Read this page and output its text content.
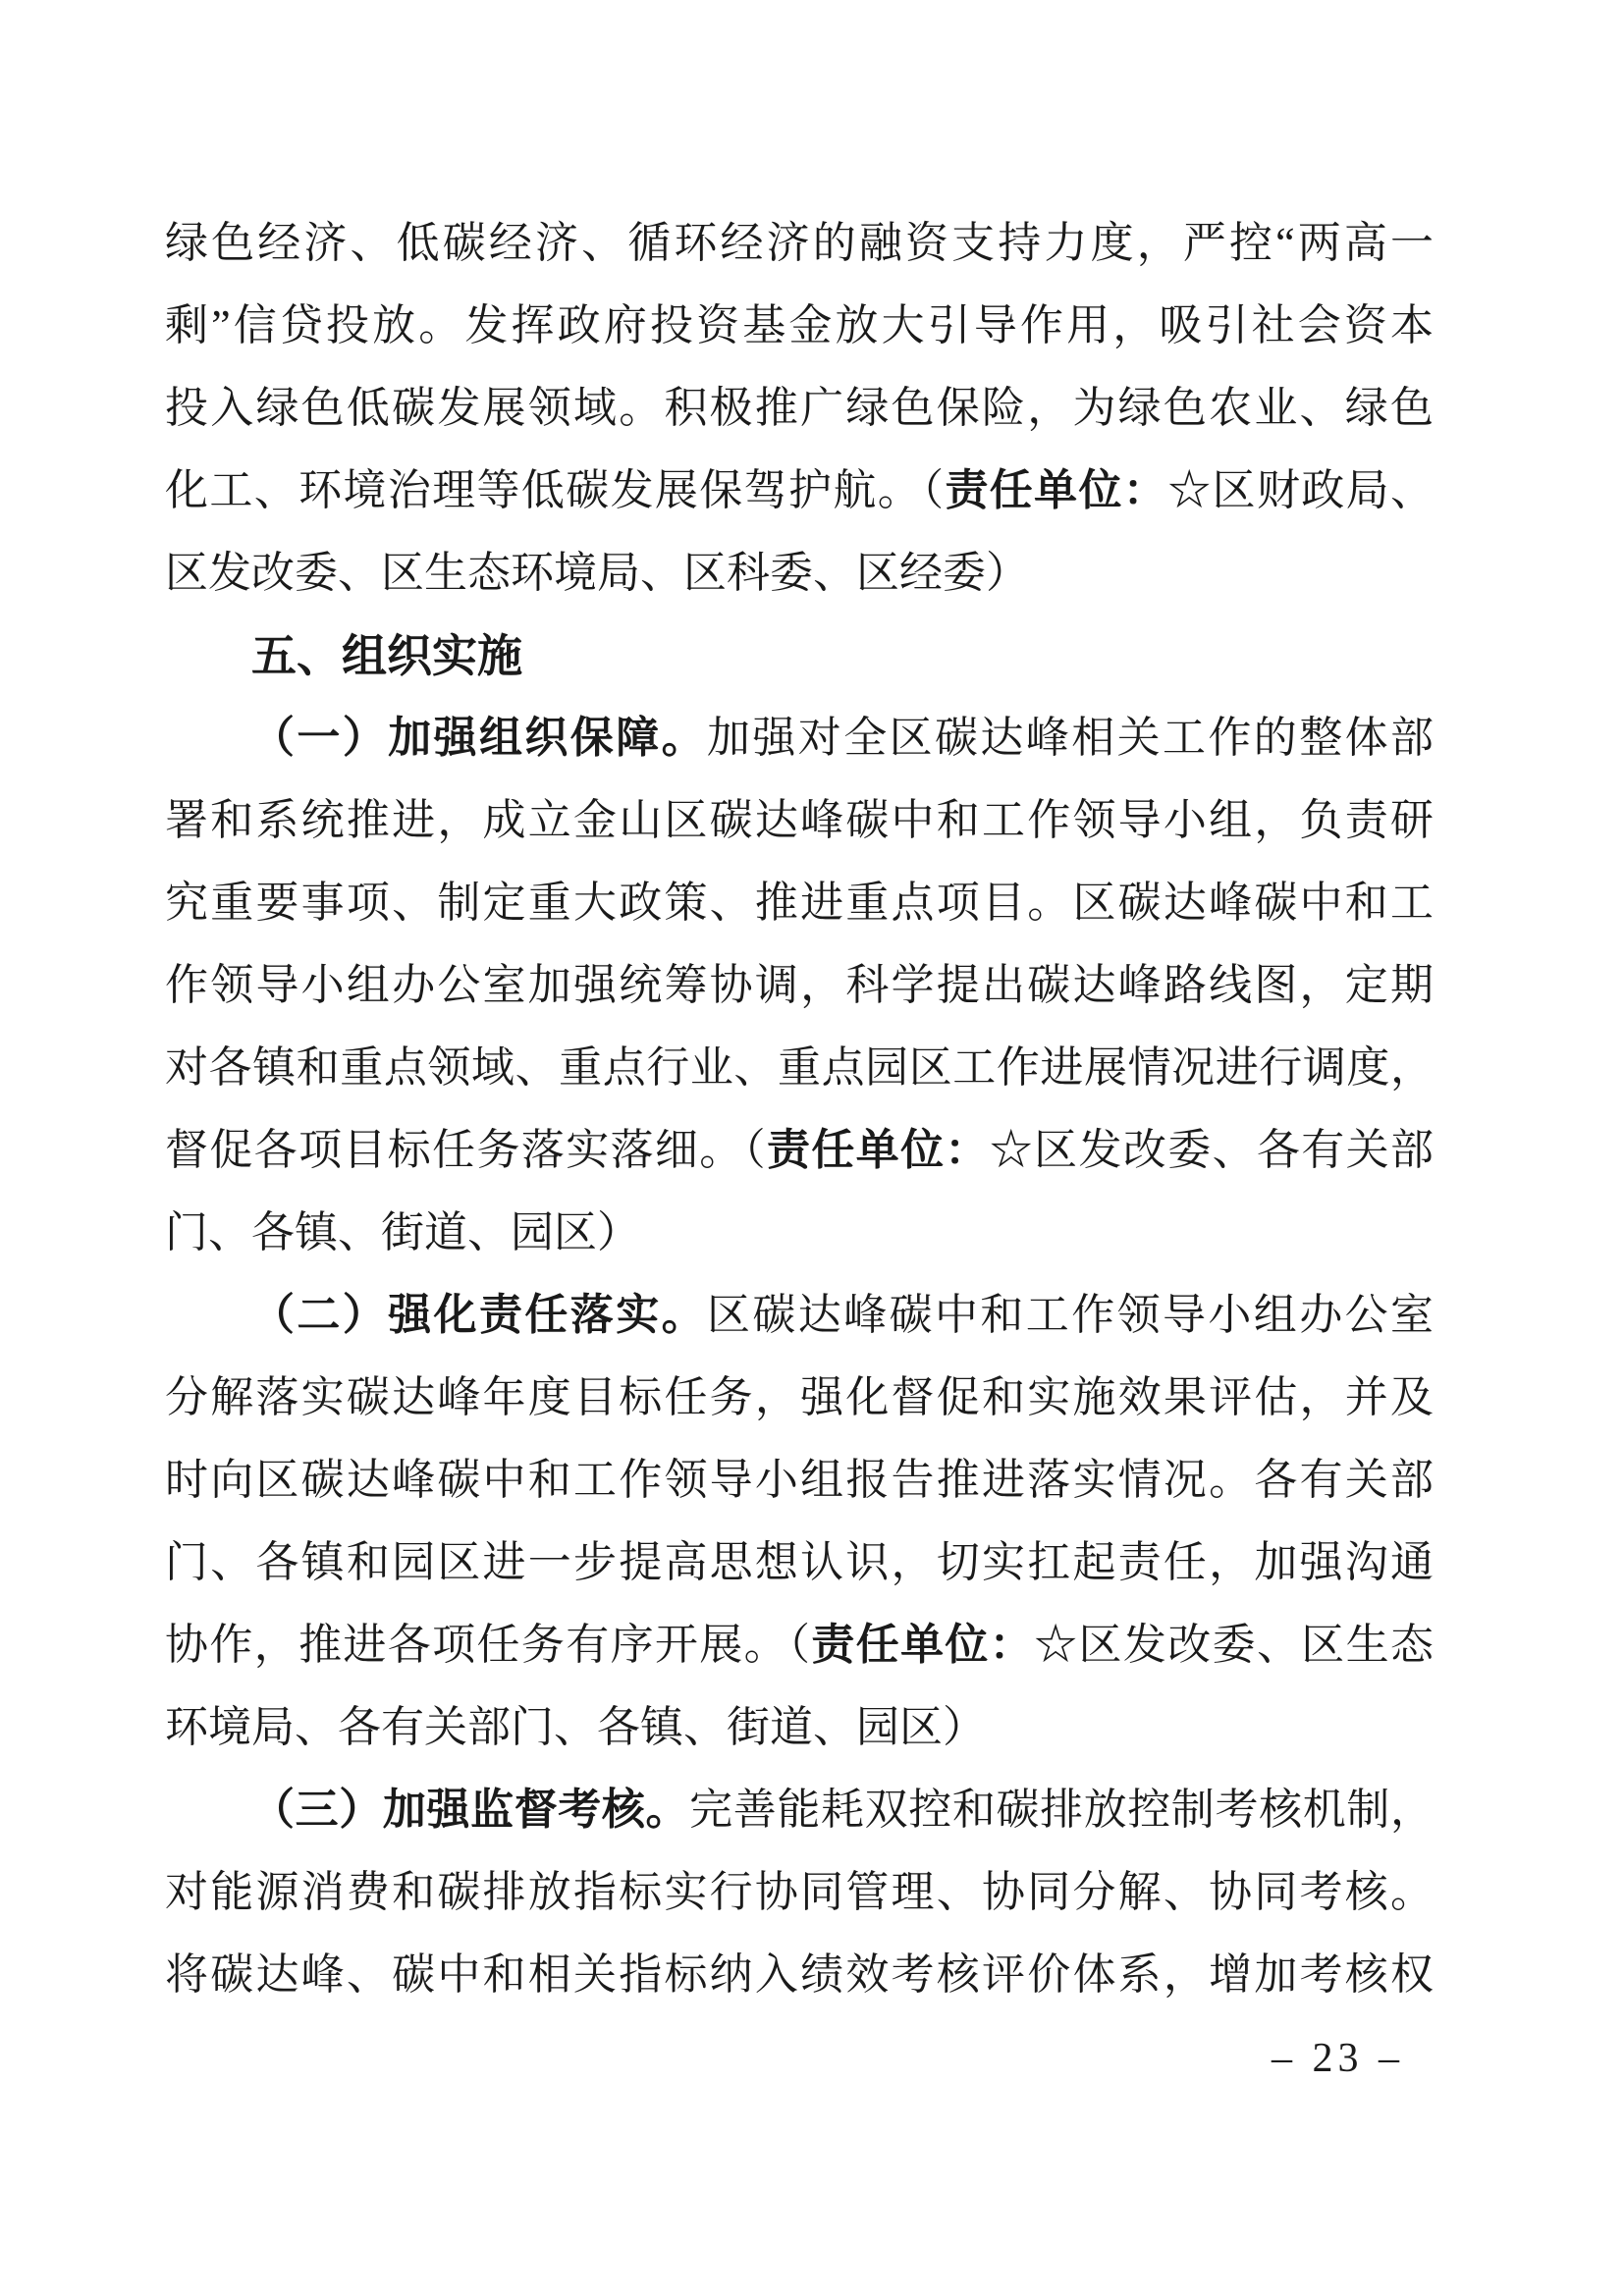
绿色经济、低碳经济、循环经济的融资支持力度，严控“两高一
剩”信贷投放。发挥政府投资基金放大引导作用，吸引社会资本
投入绿色低碳发展领域。积极推广绿色保险，为绿色农业、绿色
化工、环境治理等低碳发展保驾护航。（责任单位：☆区财政局、
区发改委、区生态环境局、区科委、区经委）
五、组织实施
（一）加强组织保障。加强对全区碳达峰相关工作的整体部
署和系统推进，成立金山区碳达峰碳中和工作领导小组，负责研
究重要事项、制定重大政策、推进重点项目。区碳达峰碳中和工
作领导小组办公室加强统筹协调，科学提出碳达峰路线图，定期
对各镇和重点领域、重点行业、重点园区工作进展情况进行调度，
督促各项目标任务落实落细。（责任单位：☆区发改委、各有关部
门、各镇、街道、园区）
（二）强化责任落实。区碳达峰碳中和工作领导小组办公室
分解落实碳达峰年度目标任务，强化督促和实施效果评估，并及
时向区碳达峰碳中和工作领导小组报告推进落实情况。各有关部
门、各镇和园区进一步提高思想认识，切实扛起责任，加强沟通
协作，推进各项任务有序开展。（责任单位：☆区发改委、区生态
环境局、各有关部门、各镇、街道、园区）
（三）加强监督考核。完善能耗双控和碳排放控制考核机制，
对能源消费和碳排放指标实行协同管理、协同分解、协同考核。
将碳达峰、碳中和相关指标纳入绩效考核评价体系，增加考核权
– 23 –
